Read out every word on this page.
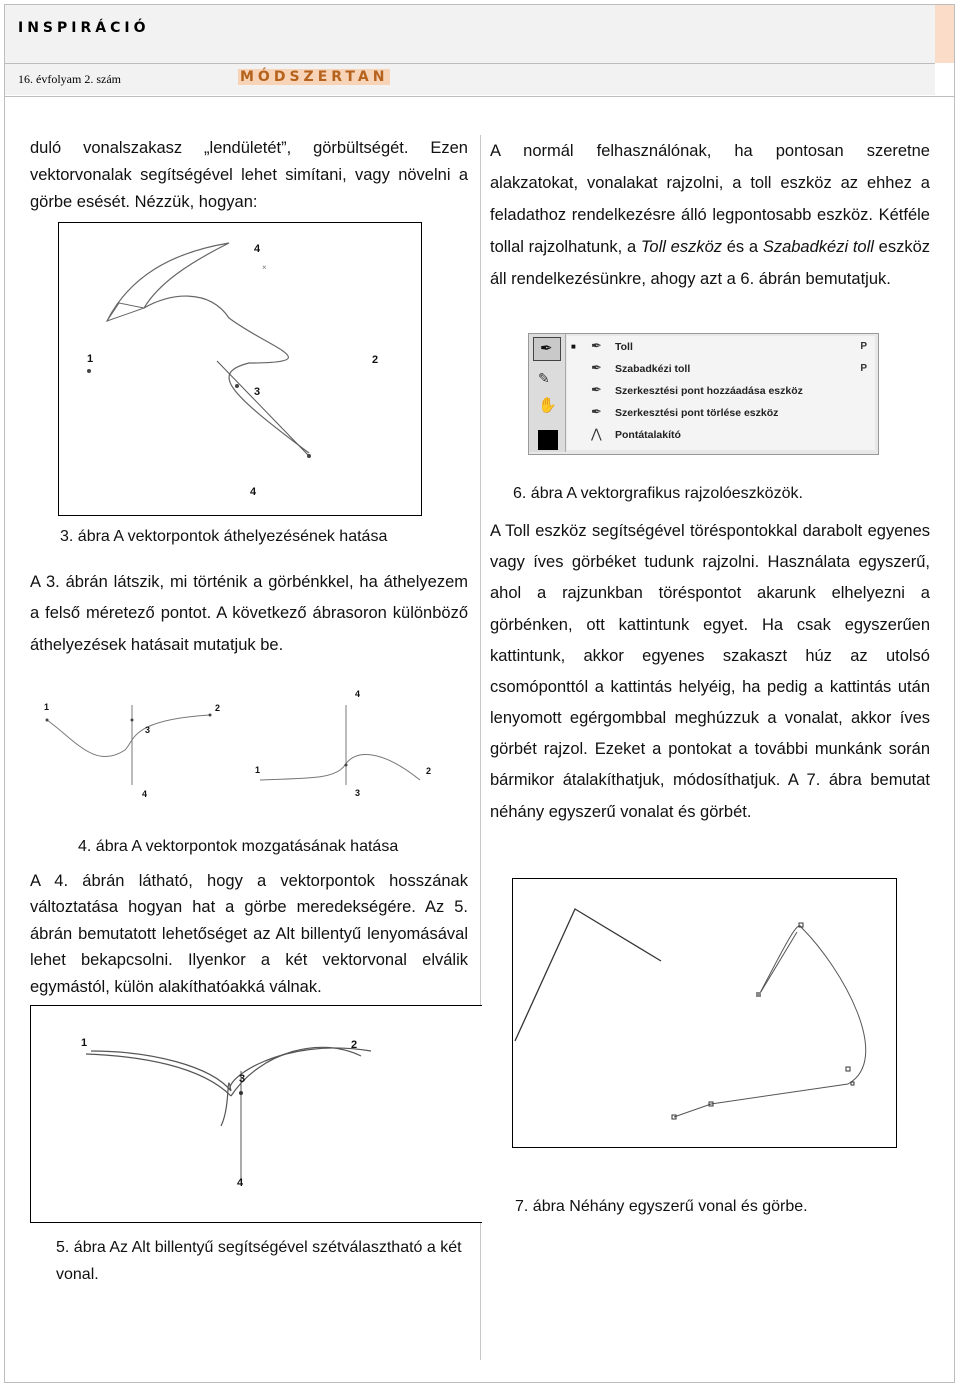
INSPIRÁCIÓ
16. évfolyam 2. szám	MÓDSZERTAN
duló vonalszakasz „lendületét”, görbültségét. Ezen vektorvonalak segítségével lehet simítani, vagy növelni a görbe esését. Nézzük, hogyan:
×
4
1	2
3
4
3. ábra A vektorpontok áthelyezésének hatása
A 3. ábrán látszik, mi történik a görbénkkel, ha áthelyezem a felső méretező pontot. A következő ábrasoron különböző áthelyezések hatásait mutatjuk be.
1	2
3
4
4
1	2
3
4. ábra A vektorpontok mozgatásának hatása
A 4. ábrán látható, hogy a vektorpontok hosszának változtatása hogyan hat a görbe meredekségére. Az 5. ábrán bemutatott lehetőséget az Alt billentyű lenyomásával lehet bekapcsolni. Ilyenkor a két vektorvonal elválik egymástól, külön alakíthatóakká válnak.
1	2
3
4
5. ábra Az Alt billentyű segítségével szétválasztható a két vonal.
A normál felhasználónak, ha pontosan szeretne alakzatokat, vonalakat rajzolni, a toll eszköz az ehhez a feladathoz rendelkezésre álló legpontosabb eszköz. Kétféle tollal rajzolhatunk, a Toll eszköz és a Szabadkézi toll eszköz áll rendelkezésünkre, ahogy azt a 6. ábrán bemutatjuk.
✒
✎
✋
■ ✒ Toll	P
✒ Szabadkézi toll	P
✒ Szerkesztési pont hozzáadása eszköz
✒ Szerkesztési pont törlése eszköz
⋀ Pontátalakító
6. ábra A vektorgrafikus rajzolóeszközök.
A Toll eszköz segítségével töréspontokkal darabolt egyenes vagy íves görbéket tudunk rajzolni. Használata egyszerű, ahol a rajzunkban töréspontot akarunk elhelyezni a görbénken, ott kattintunk egyet. Ha csak egyszerűen kattintunk, akkor egyenes szakaszt húz az utolsó csomóponttól a kattintás helyéig, ha pedig a kattintás után lenyomott egérgombbal meghúzzuk a vonalat, akkor íves görbét rajzol. Ezeket a pontokat a további munkánk során bármikor átalakíthatjuk, módosíthatjuk. A 7. ábra bemutat néhány egyszerű vonalat és görbét.
7. ábra Néhány egyszerű vonal és görbe.
